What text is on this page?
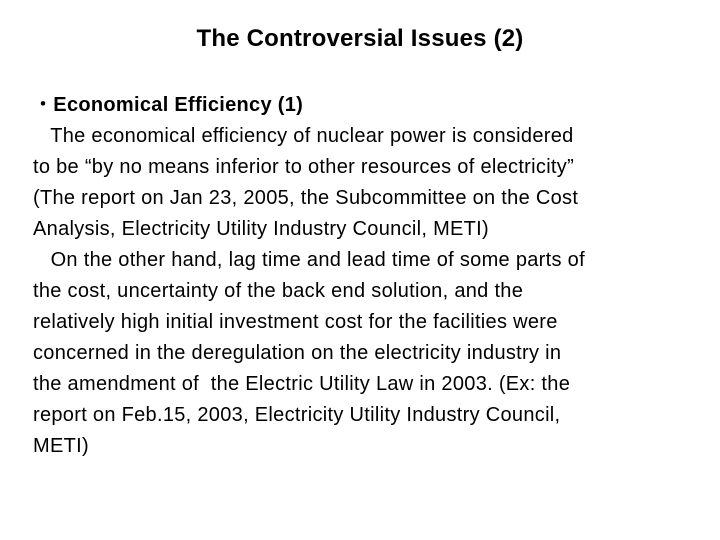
The Controversial Issues (2)
・Economical Efficiency (1)
The economical efficiency of nuclear power is considered
to be “by no means inferior to other resources of electricity”
(The report on Jan 23, 2005, the Subcommittee on the Cost
Analysis, Electricity Utility Industry Council, METI)
On the other hand, lag time and lead time of some parts of
the cost, uncertainty of the back end solution, and the
relatively high initial investment cost for the facilities were
concerned in the deregulation on the electricity industry in
the amendment of  the Electric Utility Law in 2003. (Ex: the
report on Feb.15, 2003, Electricity Utility Industry Council,
METI)
